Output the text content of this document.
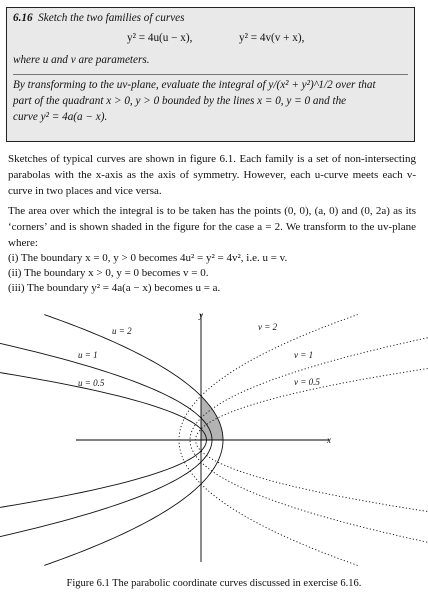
6.16 Sketch the two families of curves
y² = 4u(u − x),	y² = 4v(v + x),
where u and v are parameters.
By transforming to the uv-plane, evaluate the integral of y/(x² + y²)^1/2 over that
part of the quadrant x > 0, y > 0 bounded by the lines x = 0, y = 0 and the
curve y² = 4a(a − x).
Sketches of typical curves are shown in figure 6.1. Each family is a set of non-intersecting parabolas with the x-axis as the axis of symmetry. However, each u-curve meets each v-curve in two places and vice versa.
The area over which the integral is to be taken has the points (0, 0), (a, 0) and (0, 2a) as its ‘corners’ and is shown shaded in the figure for the case a = 2. We transform to the uv-plane where:
(i) The boundary x = 0, y > 0 becomes 4u² = y² = 4v², i.e. u = v.
(ii) The boundary x > 0, y = 0 becomes v = 0.
(iii) The boundary y² = 4a(a − x) becomes u = a.
y
x
u = 2
u = 1
u = 0.5
v = 2
v = 1
v = 0.5
Figure 6.1 The parabolic coordinate curves discussed in exercise 6.16.
